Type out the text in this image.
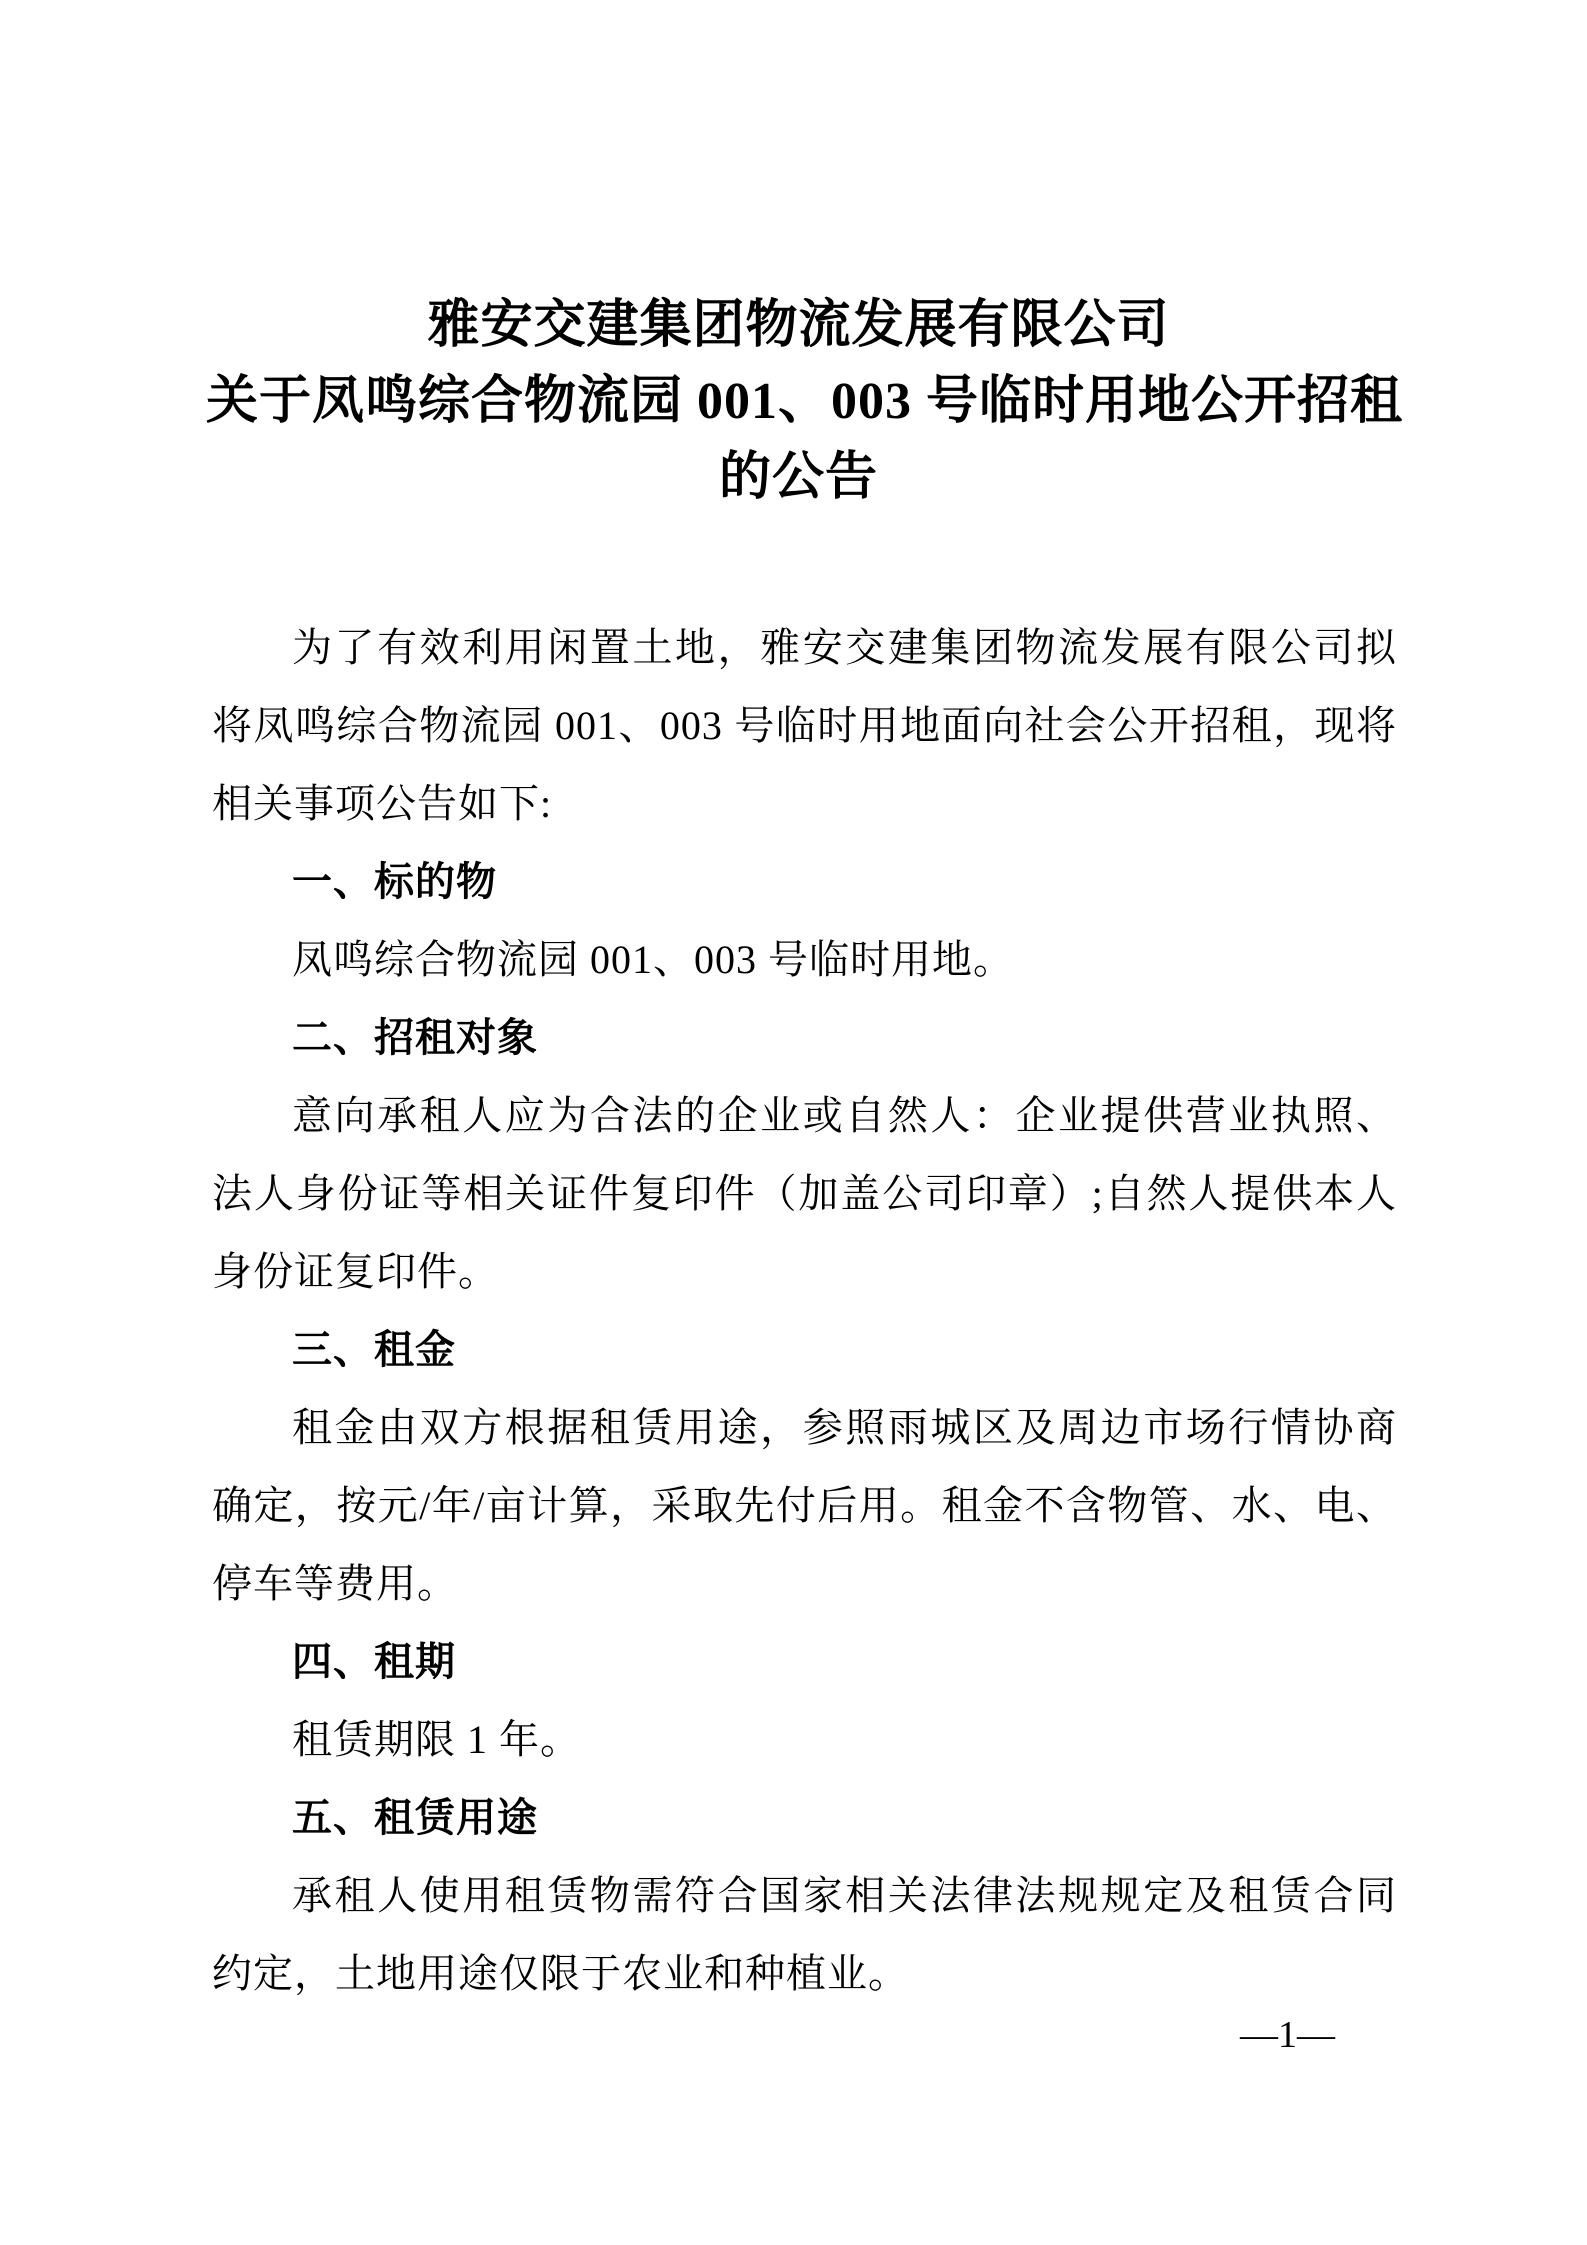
雅安交建集团物流发展有限公司
关于凤鸣综合物流园 001、003 号临时用地公开招租
的公告

为了有效利用闲置土地，雅安交建集团物流发展有限公司拟将凤鸣综合物流园 001、003 号临时用地面向社会公开招租，现将相关事项公告如下:

一、标的物

凤鸣综合物流园 001、003 号临时用地。

二、招租对象

意向承租人应为合法的企业或自然人：企业提供营业执照、法人身份证等相关证件复印件（加盖公司印章）;自然人提供本人身份证复印件。

三、租金

租金由双方根据租赁用途，参照雨城区及周边市场行情协商确定，按元/年/亩计算，采取先付后用。租金不含物管、水、电、停车等费用。

四、租期

租赁期限 1 年。

五、租赁用途

承租人使用租赁物需符合国家相关法律法规规定及租赁合同约定，土地用途仅限于农业和种植业。

—1—
